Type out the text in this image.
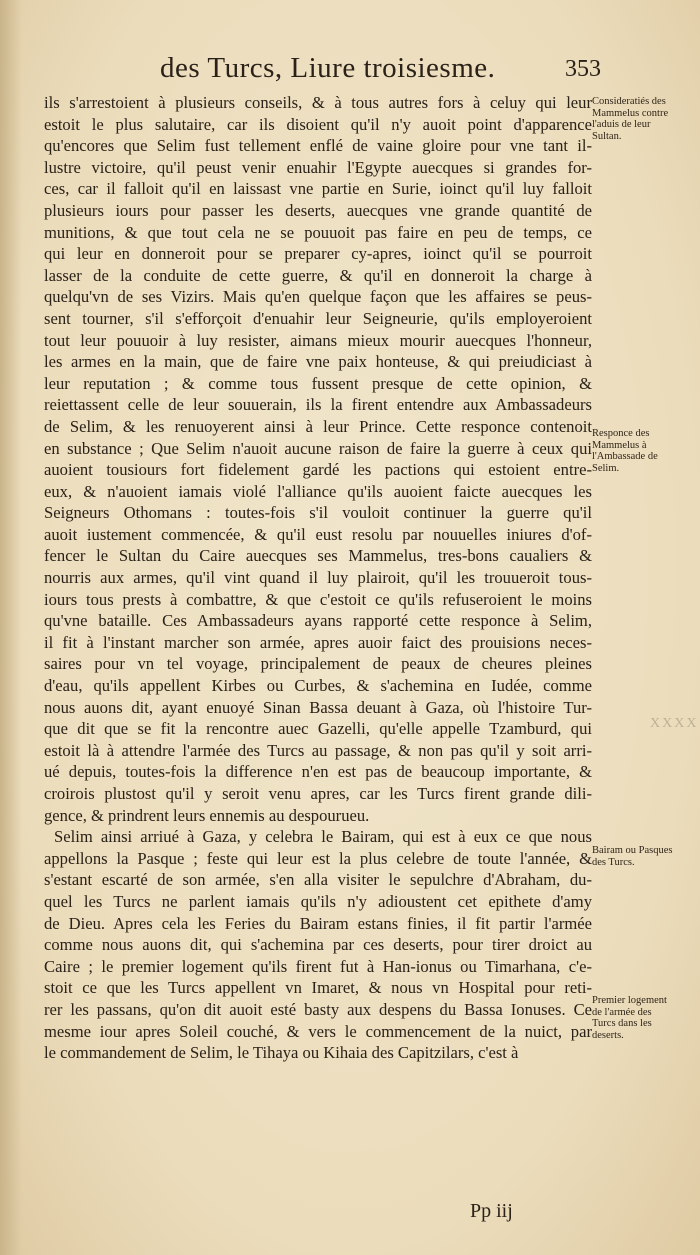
des Turcs, Liure troisiesme.	353
ils s'arrestoient à plusieurs conseils, & à tous autres fors à celuy qui leur
estoit le plus salutaire, car ils disoient qu'il n'y auoit point d'apparence
qu'encores que Selim fust tellement enflé de vaine gloire pour vne tant il-
lustre victoire, qu'il peust venir enuahir l'Egypte auecques si grandes for-
ces, car il falloit qu'il en laissast vne partie en Surie, ioinct qu'il luy falloit
plusieurs iours pour passer les deserts, auecques vne grande quantité de
munitions, & que tout cela ne se pouuoit pas faire en peu de temps, ce
qui leur en donneroit pour se preparer cy-apres, ioinct qu'il se pourroit
lasser de la conduite de cette guerre, & qu'il en donneroit la charge à
quelqu'vn de ses Vizirs. Mais qu'en quelque façon que les affaires se peus-
sent tourner, s'il s'efforçoit d'enuahir leur Seigneurie, qu'ils employeroient
tout leur pouuoir à luy resister, aimans mieux mourir auecques l'honneur,
les armes en la main, que de faire vne paix honteuse, & qui preiudiciast à
leur reputation ; & comme tous fussent presque de cette opinion, &
reiettassent celle de leur souuerain, ils la firent entendre aux Ambassadeurs
de Selim, & les renuoyerent ainsi à leur Prince. Cette responce contenoit
en substance ; Que Selim n'auoit aucune raison de faire la guerre à ceux qui
auoient tousiours fort fidelement gardé les pactions qui estoient entre-
eux, & n'auoient iamais violé l'alliance qu'ils auoient faicte auecques les
Seigneurs Othomans : toutes-fois s'il vouloit continuer la guerre qu'il
auoit iustement commencée, & qu'il eust resolu par nouuelles iniures d'of-
fencer le Sultan du Caire auecques ses Mammelus, tres-bons caualiers &
nourris aux armes, qu'il vint quand il luy plairoit, qu'il les trouueroit tous-
iours tous prests à combattre, & que c'estoit ce qu'ils refuseroient le moins
qu'vne bataille. Ces Ambassadeurs ayans rapporté cette responce à Selim,
il fit à l'instant marcher son armée, apres auoir faict des prouisions neces-
saires pour vn tel voyage, principalement de peaux de cheures pleines
d'eau, qu'ils appellent Kirbes ou Curbes, & s'achemina en Iudée, comme
nous auons dit, ayant enuoyé Sinan Bassa deuant à Gaza, où l'histoire Tur-
que dit que se fit la rencontre auec Gazelli, qu'elle appelle Tzamburd, qui
estoit là à attendre l'armée des Turcs au passage, & non pas qu'il y soit arri-
ué depuis, toutes-fois la difference n'en est pas de beaucoup importante, &
croirois plustost qu'il y seroit venu apres, car les Turcs firent grande dili-
gence, & prindrent leurs ennemis au despourueu.
Selim ainsi arriué à Gaza, y celebra le Bairam, qui est à eux ce que nous
appellons la Pasque ; feste qui leur est la plus celebre de toute l'année, &
s'estant escarté de son armée, s'en alla visiter le sepulchre d'Abraham, du-
quel les Turcs ne parlent iamais qu'ils n'y adioustent cet epithete d'amy
de Dieu. Apres cela les Feries du Bairam estans finies, il fit partir l'armée
comme nous auons dit, qui s'achemina par ces deserts, pour tirer droict au
Caire ; le premier logement qu'ils firent fut à Han-ionus ou Timarhana, c'e-
stoit ce que les Turcs appellent vn Imaret, & nous vn Hospital pour reti-
rer les passans, qu'on dit auoit esté basty aux despens du Bassa Ionuses. Ce
mesme iour apres Soleil couché, & vers le commencement de la nuict, par
le commandement de Selim, le Tihaya ou Kihaia des Capitzilars, c'est à
Consideratiés des Mammelus contre l'aduis de leur Sultan.
Responce des Mammelus à l'Ambassade de Selim.
Bairam ou Pasques des Turcs.
Premier logement de l'armée des Turcs dans les deserts.
XXXX
Pp iij
